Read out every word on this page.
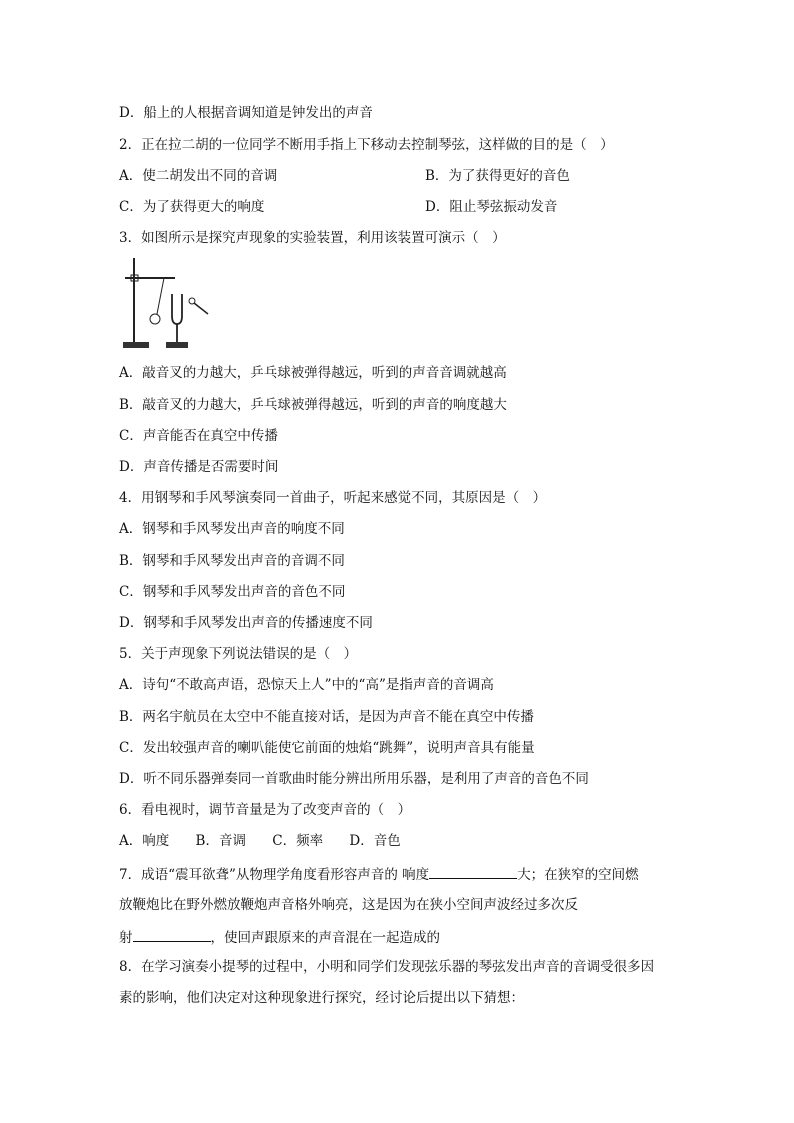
D．船上的人根据音调知道是钟发出的声音
2．正在拉二胡的一位同学不断用手指上下移动去控制琴弦，这样做的目的是（　）
A．使二胡发出不同的音调	B．为了获得更好的音色
C．为了获得更大的响度	D．阻止琴弦振动发音
3．如图所示是探究声现象的实验装置，利用该装置可演示（　）
A．敲音叉的力越大，乒乓球被弹得越远，听到的声音音调就越高
B．敲音叉的力越大，乒乓球被弹得越远，听到的声音的响度越大
C．声音能否在真空中传播
D．声音传播是否需要时间
4．用钢琴和手风琴演奏同一首曲子，听起来感觉不同，其原因是（　）
A．钢琴和手风琴发出声音的响度不同
B．钢琴和手风琴发出声音的音调不同
C．钢琴和手风琴发出声音的音色不同
D．钢琴和手风琴发出声音的传播速度不同
5．关于声现象下列说法错误的是（　）
A．诗句“不敢高声语，恐惊天上人”中的“高”是指声音的音调高
B．两名宇航员在太空中不能直接对话，是因为声音不能在真空中传播
C．发出较强声音的喇叭能使它前面的烛焰“跳舞”，说明声音具有能量
D．听不同乐器弹奏同一首歌曲时能分辨出所用乐器，是利用了声音的音色不同
6．看电视时，调节音量是为了改变声音的（　）
A．响度 B．音调 C．频率 D．音色
7．成语“震耳欲聋”从物理学角度看形容声音的 响度	大；在狭窄的空间燃
放鞭炮比在野外燃放鞭炮声音格外响亮，这是因为在狭小空间声波经过多次反
射	，使回声跟原来的声音混在一起造成的
8．在学习演奏小提琴的过程中，小明和同学们发现弦乐器的琴弦发出声音的音调受很多因
素的影响，他们决定对这种现象进行探究，经讨论后提出以下猜想：
